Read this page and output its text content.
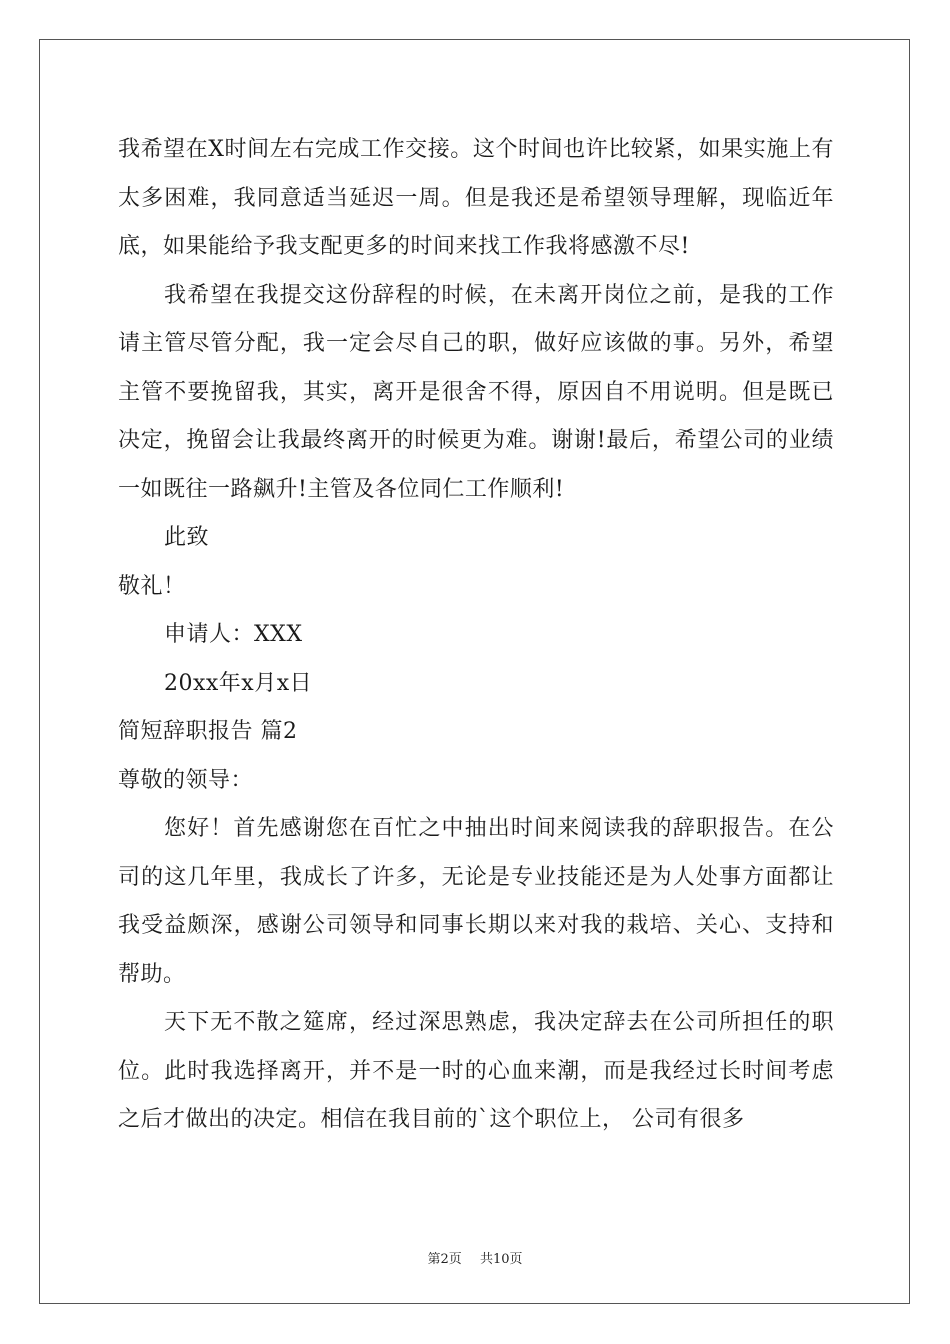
我希望在X时间左右完成工作交接。这个时间也许比较紧，如果实施上有太多困难，我同意适当延迟一周。但是我还是希望领导理解，现临近年底，如果能给予我支配更多的时间来找工作我将感激不尽!

我希望在我提交这份辞程的时候，在未离开岗位之前，是我的工作请主管尽管分配，我一定会尽自己的职，做好应该做的事。另外，希望主管不要挽留我，其实，离开是很舍不得，原因自不用说明。但是既已决定，挽留会让我最终离开的时候更为难。谢谢!最后，希望公司的业绩一如既往一路飙升!主管及各位同仁工作顺利!

此致

敬礼！

申请人：XXX

20xx年x月x日

简短辞职报告 篇2

尊敬的领导：

您好！首先感谢您在百忙之中抽出时间来阅读我的辞职报告。在公司的这几年里，我成长了许多，无论是专业技能还是为人处事方面都让我受益颇深，感谢公司领导和同事长期以来对我的栽培、关心、支持和帮助。

天下无不散之筵席，经过深思熟虑，我决定辞去在公司所担任的职位。此时我选择离开，并不是一时的心血来潮，而是我经过长时间考虑之后才做出的决定。相信在我目前的`这个职位上， 公司有很多

第2页 共10页
